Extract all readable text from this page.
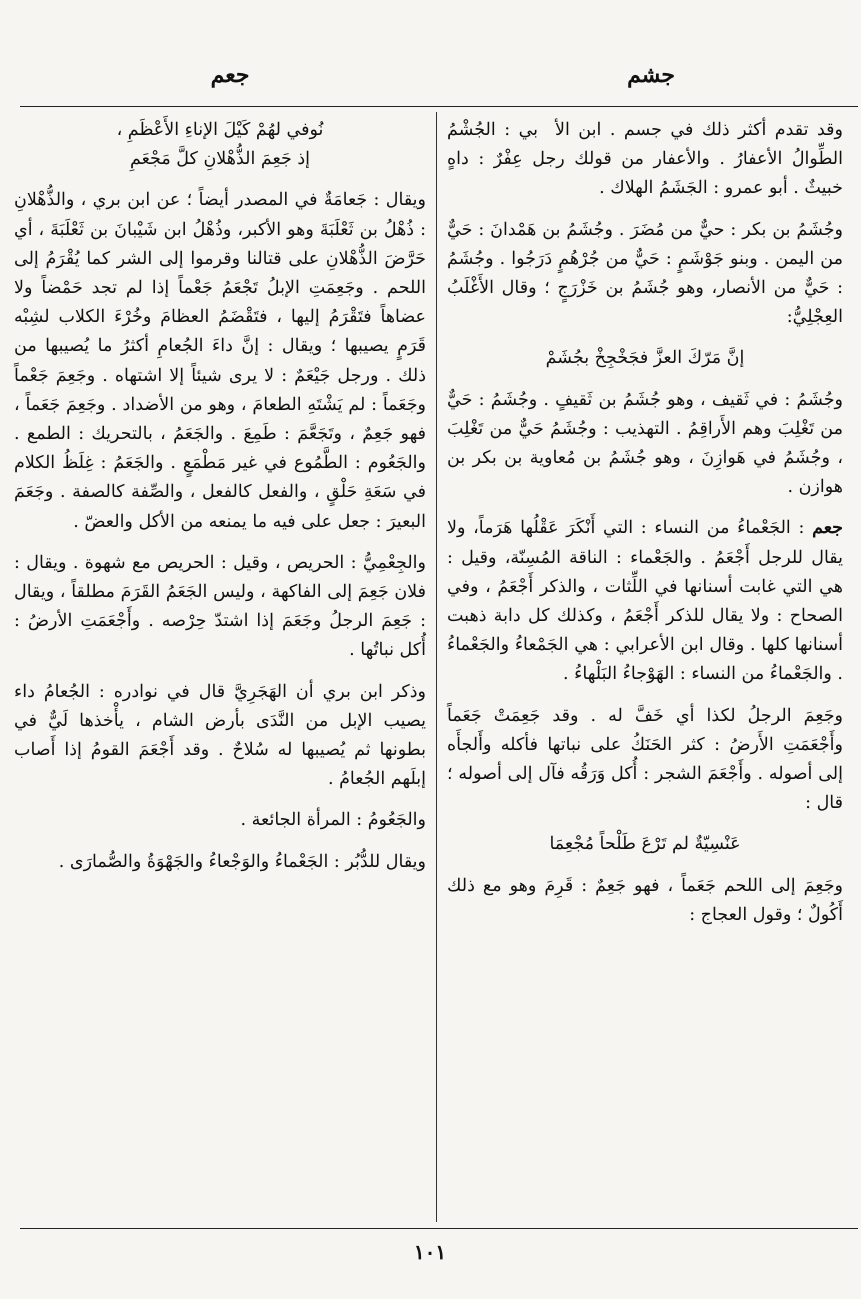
جشم
جعم

وقد تقدم أكثر ذلك في جسم . ابن الأ ‍ بي : الجُشْمُ الطِّوالُ الأعفارُ . والأعفار من قولك رجل عِفْرٌ : داهٍ خبيثٌ . أبو عمرو : الجَشَمُ الهلاك .

وجُشَمُ بن بكر : حيٌّ من مُضَرَ . وجُشَمُ بن هَمْدانَ : حَيٌّ من اليمن . وبنو جَوْشَمٍ : حَيٌّ من جُرْهُمٍ دَرَجُوا . وجُشَمُ : حَيٌّ من الأنصار، وهو جُشَمُ بن خَزْرَجٍ ؛ وقال الأَغْلَبُ العِجْلِيُّ:

إنَّ مَرّكَ العزَّ فجَخْجِخْ بجُشَمْ

وجُشَمُ : في ثَقيف ، وهو جُشَمُ بن ثَقيفٍ . وجُشَمُ : حَيٌّ من تَغْلِبَ وهم الأَراقِمُ . التهذيب : وجُشَمُ حَيٌّ من تَغْلِبَ ، وجُشَمُ في هَوازِنَ ، وهو جُشَمُ بن مُعاوية بن بكر بن هوازن .

جعم : الجَعْماءُ من النساء : التي أَنْكَرَ عَقْلُها هَرَماً، ولا يقال للرجل أَجْعَمُ . والجَعْماء : الناقة المُسِنّة، وقيل : هي التي غابت أسنانها في اللِّثات ، والذكر أَجْعَمُ ، وفي الصحاح : ولا يقال للذكر أَجْعَمُ ، وكذلك كل دابة ذهبت أسنانها كلها . وقال ابن الأعرابي : هي الجَمْعاءُ والجَعْماءُ . والجَعْماءُ من النساء : الهَوْجاءُ البَلْهاءُ .

وجَعِمَ الرجلُ لكذا أي خَفَّ له . وقد جَعِمَتْ جَعَماً وأَجْعَمَتِ الأَرضُ : كثر الحَنَكُ على نباتها فأكله وأَلجأَه إلى أصوله . وأَجْعَمَ الشجر : أُكل وَرَقُه فآل إلى أصوله ؛ قال :

عَنْسِيّةٌ لم تَرْعَ طَلْحاً مُجْعِمَا

وجَعِمَ إلى اللحم جَعَماً ، فهو جَعِمٌ : قَرِمَ وهو مع ذلك أَكُولٌ ؛ وقول العجاج :

نُوفي لهُمْ كَيْلَ الإناءِ الأَعْظَمِ ،
إذ جَعِمَ الذُّهْلانِ كلَّ مَجْعَمِ

ويقال : جَعامَةٌ في المصدر أيضاً ؛ عن ابن بري ، والذُّهْلانِ : ذُهْلُ بن ثَعْلَبَةَ وهو الأكبر، وذُهْلُ ابن شَيْبانَ بن ثَعْلَبَةَ ، أي حَرَّضَ الذُّهْلانِ على قتالنا وقرموا إلى الشر كما يُقْرَمُ إلى اللحم . وجَعِمَتِ الإبلُ تَجْعَمُ جَعْماً إذا لم تجد حَمْضاً ولا عضاهاً فتَقْرَمُ إليها ، فتَقْضَمُ العظامَ وخُرْءَ الكلاب لشِبْه قَرَمٍ يصيبها ؛ ويقال : إنَّ داءَ الجُعامِ أكثرُ ما يُصيبها من ذلك . ورجل جَيْعَمٌ : لا يرى شيئاً إلا اشتهاه . وجَعِمَ جَعْماً وجَعَماً : لم يَشْتَهِ الطعامَ ، وهو من الأضداد . وجَعِمَ جَعَماً ، فهو جَعِمٌ ، وتَجَعَّمَ : طَمِعَ . والجَعَمُ ، بالتحريك : الطمع . والجَعُوم : الطَّمُوع في غير مَطْمَعٍ . والجَعَمُ : غِلَظُ الكلام في سَعَةِ حَلْقٍ ، والفعل كالفعل ، والصِّفة كالصفة . وجَعَمَ البعيرَ : جعل على فيه ما يمنعه من الأكل والعضّ .

والجِعْمِيُّ : الحريص ، وقيل : الحريص مع شهوة . ويقال : فلان جَعِمَ إلى الفاكهة ، وليس الجَعَمُ القَرَمَ مطلقاً ، ويقال : جَعِمَ الرجلُ وجَعَمَ إذا اشتدّ حِرْصه . وأَجْعَمَتِ الأرضُ : أُكل نباتُها .

وذكر ابن بري أن الهَجَرِيَّ قال في نوادره : الجُعامُ داء يصيب الإبل من النَّدَى بأرض الشام ، يأْخذها لَيٌّ في بطونها ثم يُصيبها له سُلاحٌ . وقد أَجْعَمَ القومُ إذا أَصاب إبلَهم الجُعامُ .

والجَعُومُ : المرأة الجائعة .

ويقال للدُّبُر : الجَعْماءُ والوَجْعاءُ والجَهْوَةُ والصُّمارَى .

١٠١
